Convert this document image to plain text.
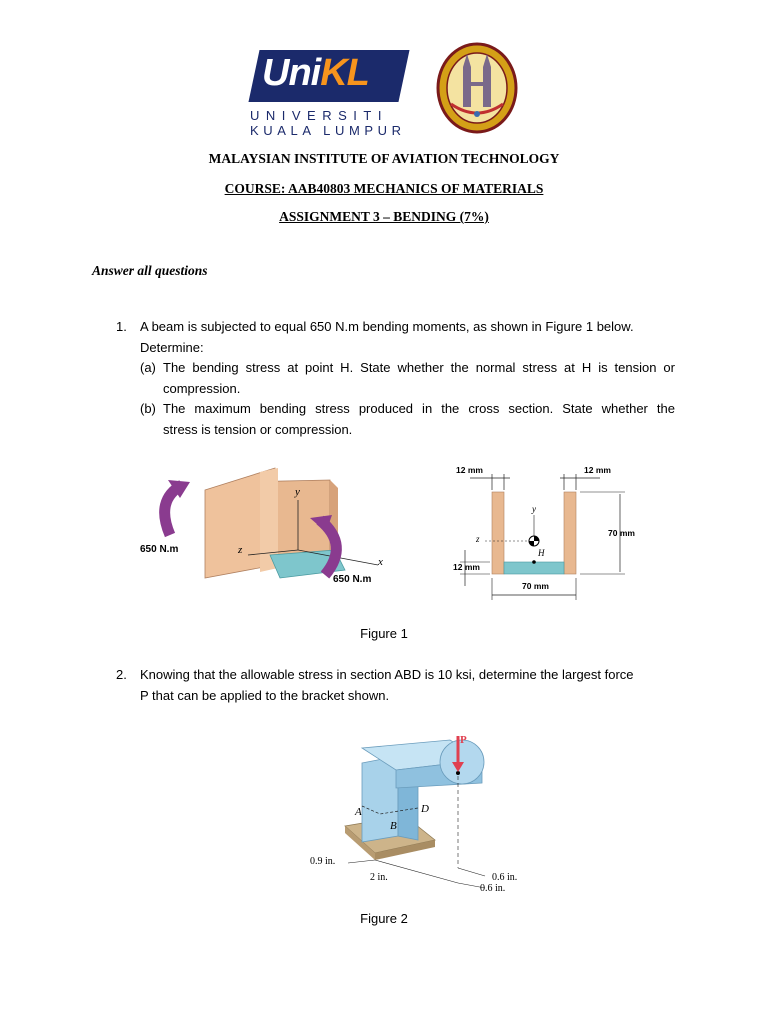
UniKL
UNIVERSITI
KUALA LUMPUR
MALAYSIAN INSTITUTE OF AVIATION TECHNOLOGY
COURSE: AAB40803 MECHANICS OF MATERIALS
ASSIGNMENT 3 – BENDING (7%)
Answer all questions
1. A beam is subjected to equal 650 N.m bending moments, as shown in Figure 1 below.
Determine:
(a) The bending stress at point H. State whether the normal stress at H is tension or
compression.
(b) The maximum bending stress produced in the cross section. State whether the
stress is tension or compression.
650 N.m
650 N.m
y
z
x
12 mm	12 mm
70 mm
12 mm
70 mm
y
z
H
Figure 1
2. Knowing that the allowable stress in section ABD is 10 ksi, determine the largest force
P that can be applied to the bracket shown.
P
A
B
D
0.9 in.
2 in.	0.6 in.
0.6 in.
Figure 2
